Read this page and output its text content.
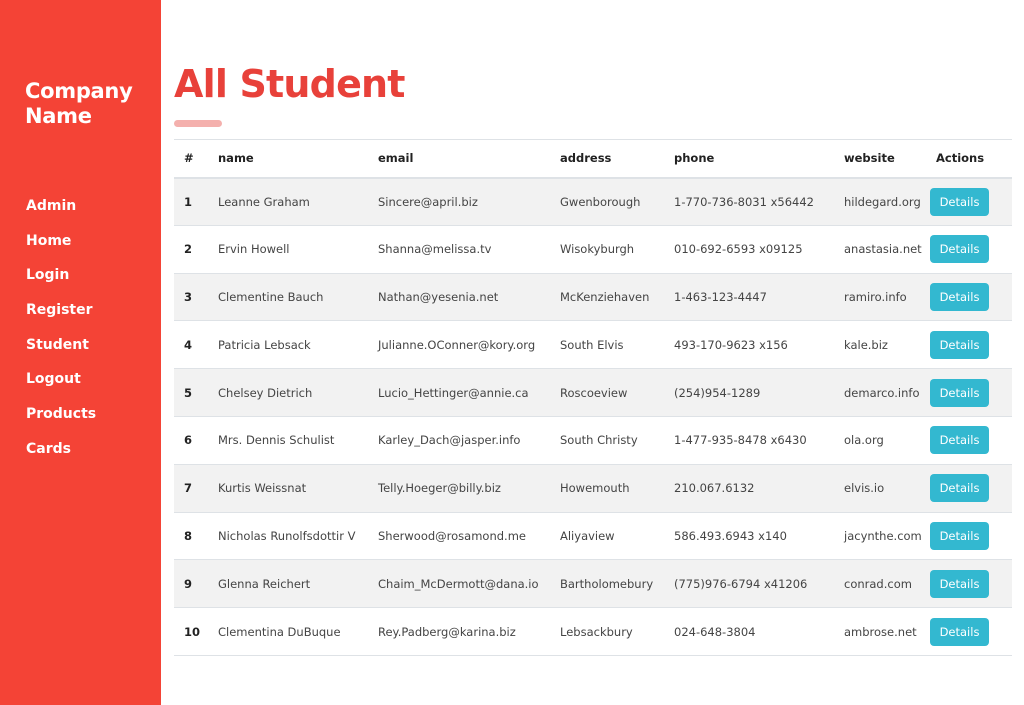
Company Name
Admin
Home
Login
Register
Student
Logout
Products
Cards
All Student
#	name	email	address	phone	website	Actions
1	Leanne Graham	Sincere@april.biz	Gwenborough	1-770-736-8031 x56442	hildegard.org	Details
2	Ervin Howell	Shanna@melissa.tv	Wisokyburgh	010-692-6593 x09125	anastasia.net	Details
3	Clementine Bauch	Nathan@yesenia.net	McKenziehaven	1-463-123-4447	ramiro.info	Details
4	Patricia Lebsack	Julianne.OConner@kory.org	South Elvis	493-170-9623 x156	kale.biz	Details
5	Chelsey Dietrich	Lucio_Hettinger@annie.ca	Roscoeview	(254)954-1289	demarco.info	Details
6	Mrs. Dennis Schulist	Karley_Dach@jasper.info	South Christy	1-477-935-8478 x6430	ola.org	Details
7	Kurtis Weissnat	Telly.Hoeger@billy.biz	Howemouth	210.067.6132	elvis.io	Details
8	Nicholas Runolfsdottir V	Sherwood@rosamond.me	Aliyaview	586.493.6943 x140	jacynthe.com	Details
9	Glenna Reichert	Chaim_McDermott@dana.io	Bartholomebury	(775)976-6794 x41206	conrad.com	Details
10	Clementina DuBuque	Rey.Padberg@karina.biz	Lebsackbury	024-648-3804	ambrose.net	Details
